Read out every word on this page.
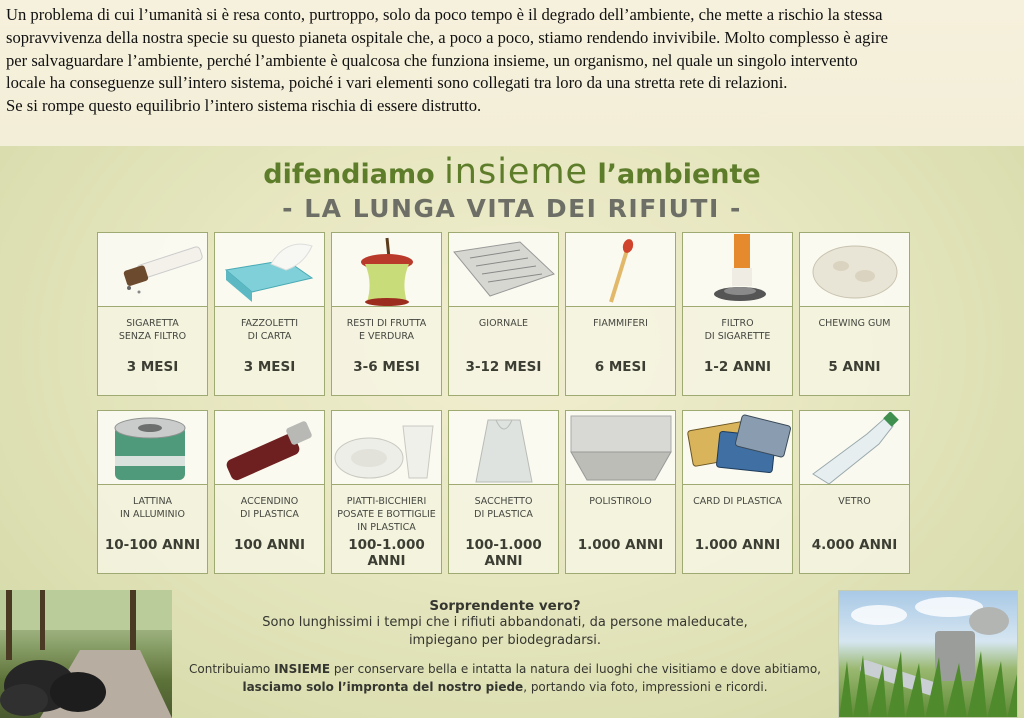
Un problema di cui l’umanità si è resa conto, purtroppo, solo da poco tempo è il degrado dell’ambiente, che mette a rischio la stessa

sopravvivenza della nostra specie su questo pianeta ospitale che, a poco a poco, stiamo rendendo invivibile. Molto complesso è agire

per salvaguardare l’ambiente, perché l’ambiente è qualcosa che funziona insieme, un organismo, nel quale un singolo intervento

locale ha conseguenze sull’intero sistema, poiché i vari elementi sono collegati tra loro da una stretta rete di relazioni.

Se si rompe questo equilibrio l’intero sistema rischia di essere distrutto.

difendiamo insieme l’ambiente
- LA LUNGA VITA DEI RIFIUTI -
SIGARETTA
SENZA FILTRO
3 MESI
FAZZOLETTI
DI CARTA
3 MESI
RESTI DI FRUTTA
E VERDURA
3-6 MESI
GIORNALE
3-12 MESI
FIAMMIFERI
6 MESI
FILTRO
DI SIGARETTE
1-2 ANNI
CHEWING GUM
5 ANNI
LATTINA
IN ALLUMINIO
10-100 ANNI
ACCENDINO
DI PLASTICA
100 ANNI
PIATTI-BICCHIERI
POSATE E BOTTIGLIE
IN PLASTICA
100-1.000 ANNI
SACCHETTO
DI PLASTICA
100-1.000 ANNI
POLISTIROLO
1.000 ANNI
CARD DI PLASTICA
1.000 ANNI
VETRO
4.000 ANNI
Sorprendente vero?
Sono lunghissimi i tempi che i rifiuti abbandonati, da persone maleducate,
impiegano per biodegradarsi.
Contribuiamo INSIEME per conservare bella e intatta la natura dei luoghi che visitiamo e dove abitiamo,
lasciamo solo l’impronta del nostro piede, portando via foto, impressioni e ricordi.
